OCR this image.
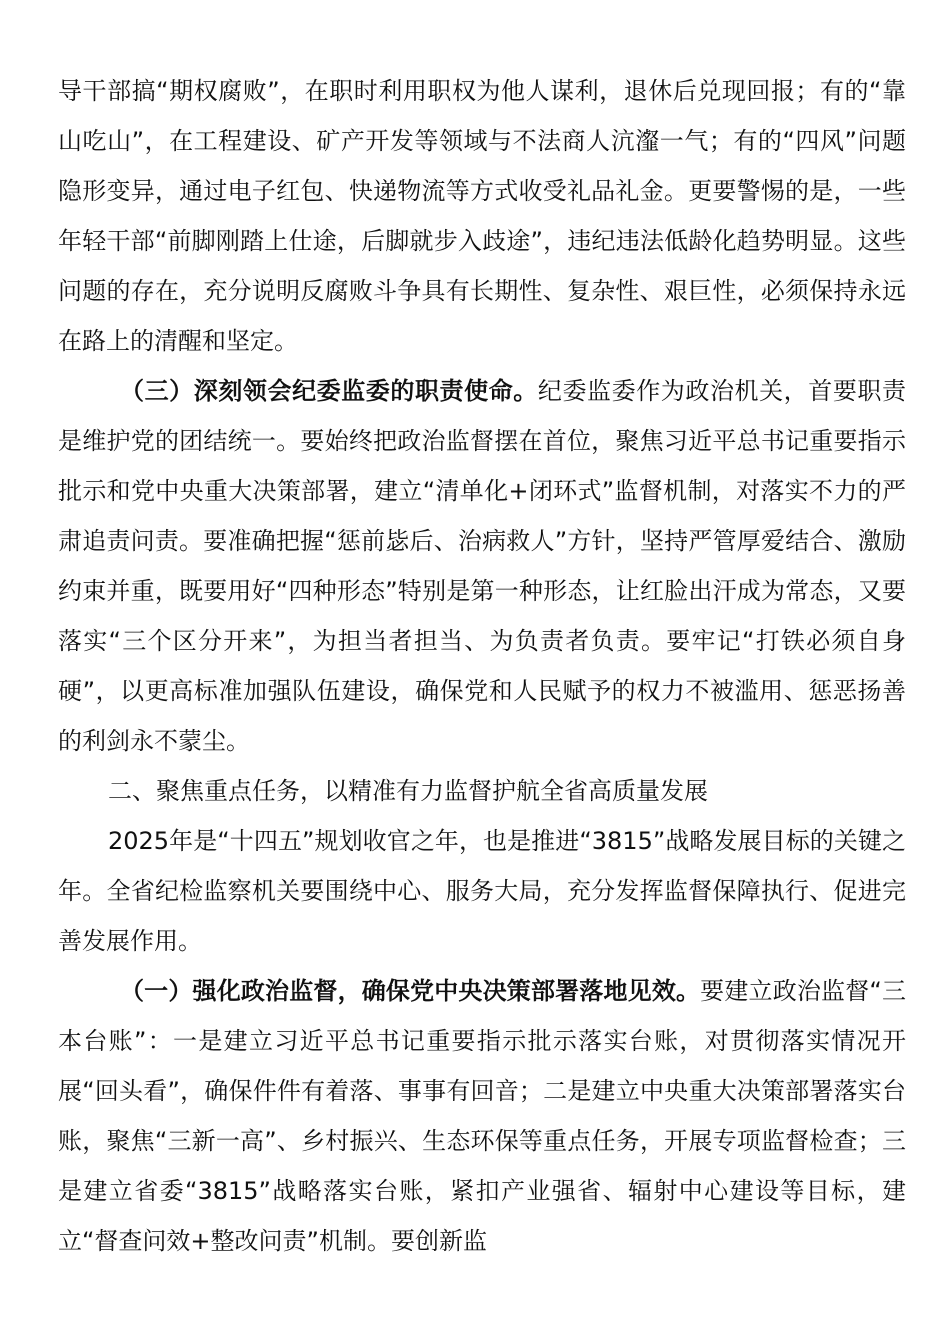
导干部搞“期权腐败”，在职时利用职权为他人谋利，退休后兑现回报；有的“靠山吃山”，在工程建设、矿产开发等领域与不法商人沆瀣一气；有的“四风”问题隐形变异，通过电子红包、快递物流等方式收受礼品礼金。更要警惕的是，一些年轻干部“前脚刚踏上仕途，后脚就步入歧途”，违纪违法低龄化趋势明显。这些问题的存在，充分说明反腐败斗争具有长期性、复杂性、艰巨性，必须保持永远在路上的清醒和坚定。

（三）深刻领会纪委监委的职责使命。纪委监委作为政治机关，首要职责是维护党的团结统一。要始终把政治监督摆在首位，聚焦习近平总书记重要指示批示和党中央重大决策部署，建立“清单化+闭环式”监督机制，对落实不力的严肃追责问责。要准确把握“惩前毖后、治病救人”方针，坚持严管厚爱结合、激励约束并重，既要用好“四种形态”特别是第一种形态，让红脸出汗成为常态，又要落实“三个区分开来”，为担当者担当、为负责者负责。要牢记“打铁必须自身硬”，以更高标准加强队伍建设，确保党和人民赋予的权力不被滥用、惩恶扬善的利剑永不蒙尘。

二、聚焦重点任务，以精准有力监督护航全省高质量发展

2025年是“十四五”规划收官之年，也是推进“3815”战略发展目标的关键之年。全省纪检监察机关要围绕中心、服务大局，充分发挥监督保障执行、促进完善发展作用。

（一）强化政治监督，确保党中央决策部署落地见效。要建立政治监督“三本台账”：一是建立习近平总书记重要指示批示落实台账，对贯彻落实情况开展“回头看”，确保件件有着落、事事有回音；二是建立中央重大决策部署落实台账，聚焦“三新一高”、乡村振兴、生态环保等重点任务，开展专项监督检查；三是建立省委“3815”战略落实台账，紧扣产业强省、辐射中心建设等目标，建立“督查问效+整改问责”机制。要创新监
